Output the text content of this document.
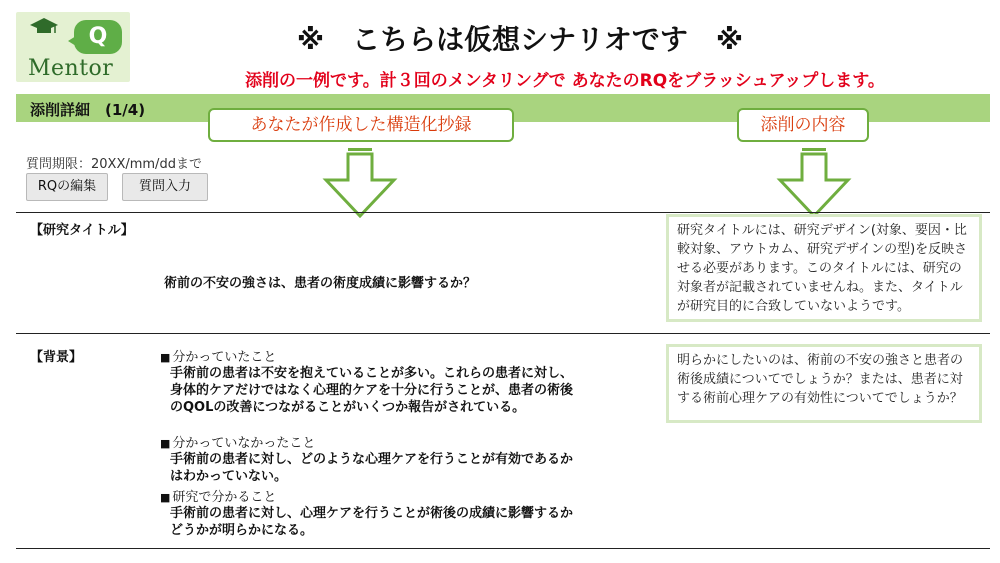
Q
Mentor
※　こちらは仮想シナリオです　※
添削の一例です。計３回のメンタリングで あなたのRQをブラッシュアップします。
添削詳細　(1/4)
あなたが作成した構造化抄録	添削の内容
質問期限：20XX/mm/ddまで
RQの編集	質問入力
【研究タイトル】
術前の不安の強さは、患者の術度成績に影響するか？
研究タイトルには、研究デザイン(対象、要因・比較対象、アウトカム、研究デザインの型)を反映させる必要があります。このタイトルには、研究の対象者が記載されていませんね。また、タイトルが研究目的に合致していないようです。
【背景】
■	分かっていたこと
手術前の患者は不安を抱えていることが多い。これらの患者に対し、身体的ケアだけではなく心理的ケアを十分に行うことが、患者の術後のQOLの改善につながることがいくつか報告がされている。
■ 分かっていなかったこと
手術前の患者に対し、どのような心理ケアを行うことが有効であるかはわかっていない。
■ 研究で分かること
手術前の患者に対し、心理ケアを行うことが術後の成績に影響するかどうかが明らかになる。
明らかにしたいのは、術前の不安の強さと患者の術後成績についてでしょうか？または、患者に対する術前心理ケアの有効性についてでしょうか？
